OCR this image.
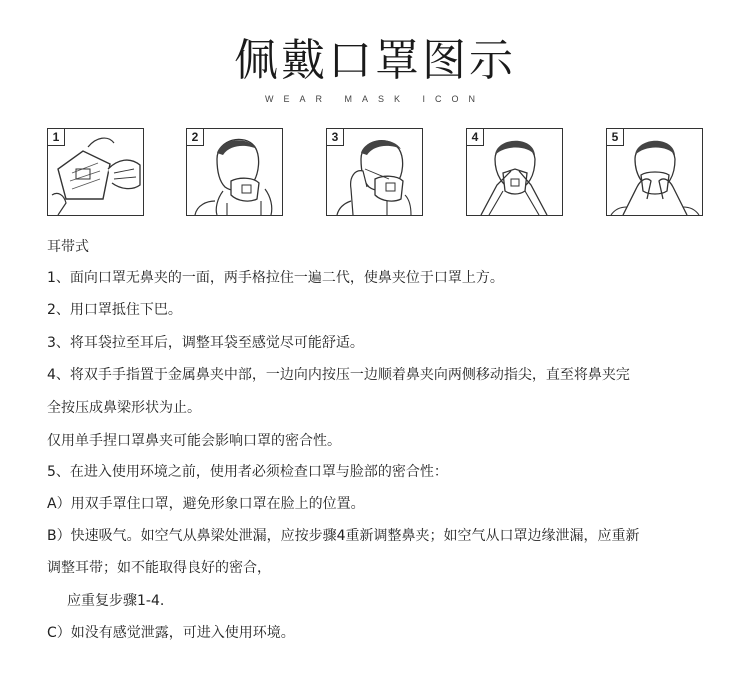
佩戴口罩图示
WEAR MASK ICON
1	2	3	4	5
耳带式
1、面向口罩无鼻夹的一面，两手格拉住一遍二代，使鼻夹位于口罩上方。
2、用口罩抵住下巴。
3、将耳袋拉至耳后，调整耳袋至感觉尽可能舒适。
4、将双手手指置于金属鼻夹中部，一边向内按压一边顺着鼻夹向两侧移动指尖，直至将鼻夹完
全按压成鼻梁形状为止。
仅用单手捏口罩鼻夹可能会影响口罩的密合性。
5、在进入使用环境之前，使用者必须检查口罩与脸部的密合性：
A）用双手罩住口罩，避免形象口罩在脸上的位置。
B）快速吸气。如空气从鼻梁处泄漏，应按步骤4重新调整鼻夹；如空气从口罩边缘泄漏，应重新
调整耳带；如不能取得良好的密合，
应重复步骤1-4.
C）如没有感觉泄露，可进入使用环境。
